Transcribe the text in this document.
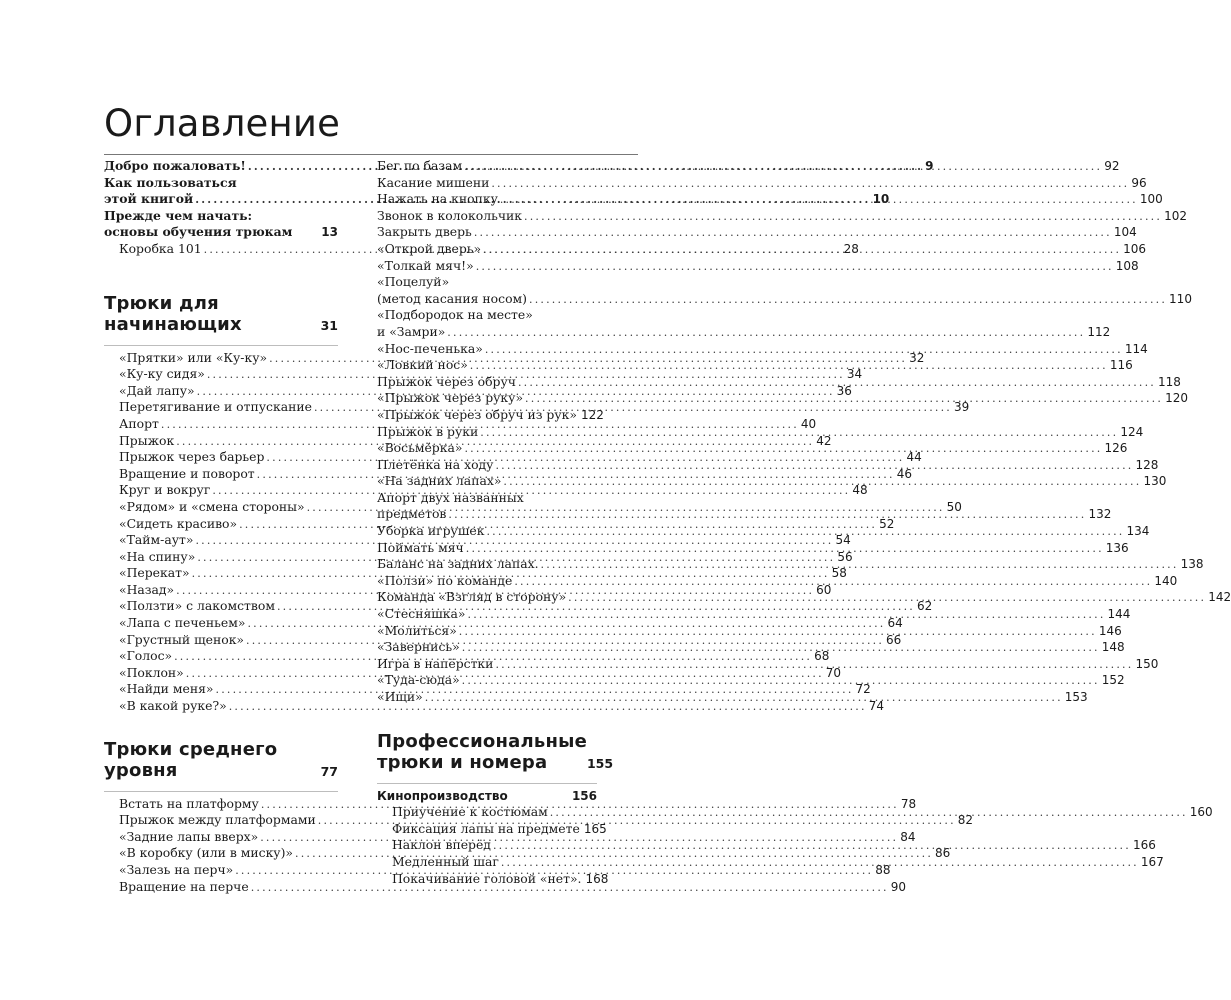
Оглавление
Добро пожаловать! .....	9
Как пользоваться
этой книгой .....	10
Прежде чем начать:
основы обучения трюкам 13
Коробка 101 .....	28
Трюки для
начинающих	31
«Прятки» или «Ку-ку» .....	32
«Ку-ку сидя» .....	34
«Дай лапу» .....	36
Перетягивание и отпускание .....	39
Апорт .....	40
Прыжок .....	42
Прыжок через барьер .....	44
Вращение и поворот .....	46
Круг и вокруг .....	48
«Рядом» и «смена стороны» .....	50
«Сидеть красиво» .....	52
«Тайм-аут» .....	54
«На спину» .....	56
«Перекат» .....	58
«Назад» .....	60
«Ползти» с лакомством .....	62
«Лапа с печеньем» .....	64
«Грустный щенок» .....	66
«Голос» .....	68
«Поклон» .....	70
«Найди меня» .....	72
«В какой руке?» .....	74
Трюки среднего
уровня	77
Встать на платформу .....	78
Прыжок между платформами .....	82
«Задние лапы вверх» .....	84
«В коробку (или в миску)» .....	86
«Залезь на перч» .....	88
Вращение на перче .....	90
Бег по базам .....	92
Касание мишени .....	96
Нажать на кнопку .....	100
Звонок в колокольчик .....	102
Закрыть дверь .....	104
«Открой дверь» .....	106
«Толкай мяч!» .....	108
«Поцелуй»
(метод касания носом) .....	110
«Подбородок на месте»
и «Замри» .....	112
«Нос-печенька» .....	114
«Ловкий нос» .....	116
Прыжок через обруч .....	118
«Прыжок через руку» .....	120
«Прыжок через обруч из рук» 122
Прыжок в руки .....	124
«Восьмёрка» .....	126
Плетёнка на ходу .....	128
«На задних лапах» .....	130
Апорт двух названных
предметов .....	132
Уборка игрушек .....	134
Поймать мяч .....	136
Баланс на задних лапах. .....	138
«Ползи» по команде .....	140
Команда «Взгляд в сторону» .....	142
«Стесняшка» .....	144
«Молиться» .....	146
«Завернись» .....	148
Игра в напёрстки .....	150
«Туда-сюда» .....	152
«Ищи» .....	153
Профессиональные
трюки и номера	155
Кинопроизводство	156
Приучение к костюмам .....	160
Фиксация лапы на предмете 165
Наклон вперёд .....	166
Медленный шаг .....	167
Покачивание головой «нет». 168
